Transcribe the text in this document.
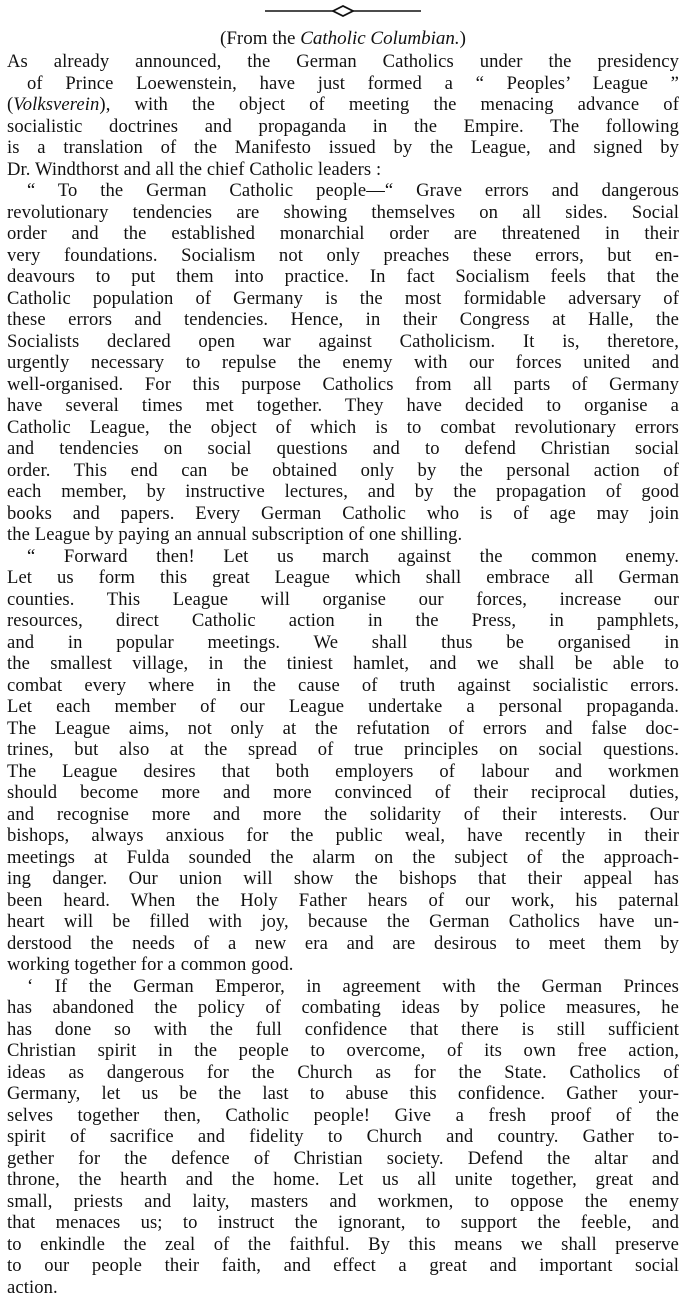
(From the Catholic Columbian.)
As already announced, the German Catholics under the presidency
of Prince Loewenstein, have just formed a “ Peoples’ League ”
(Volksverein), with the object of meeting the menacing advance of
socialistic doctrines and propaganda in the Empire. The following
is a translation of the Manifesto issued by the League, and signed by
Dr. Windthorst and all the chief Catholic leaders :
“ To the German Catholic people—“ Grave errors and dangerous
revolutionary tendencies are showing themselves on all sides. Social
order and the established monarchial order are threatened in their
very foundations. Socialism not only preaches these errors, but en-
deavours to put them into practice. In fact Socialism feels that the
Catholic population of Germany is the most formidable adversary of
these errors and tendencies. Hence, in their Congress at Halle, the
Socialists declared open war against Catholicism. It is, theretore,
urgently necessary to repulse the enemy with our forces united and
well-organised. For this purpose Catholics from all parts of Germany
have several times met together. They have decided to organise a
Catholic League, the object of which is to combat revolutionary errors
and tendencies on social questions and to defend Christian social
order. This end can be obtained only by the personal action of
each member, by instructive lectures, and by the propagation of good
books and papers. Every German Catholic who is of age may join
the League by paying an annual subscription of one shilling.
“ Forward then! Let us march against the common enemy.
Let us form this great League which shall embrace all German
counties. This League will organise our forces, increase our
resources, direct Catholic action in the Press, in pamphlets,
and in popular meetings. We shall thus be organised in
the smallest village, in the tiniest hamlet, and we shall be able to
combat every where in the cause of truth against socialistic errors.
Let each member of our League undertake a personal propaganda.
The League aims, not only at the refutation of errors and false doc-
trines, but also at the spread of true principles on social questions.
The League desires that both employers of labour and workmen
should become more and more convinced of their reciprocal duties,
and recognise more and more the solidarity of their interests. Our
bishops, always anxious for the public weal, have recently in their
meetings at Fulda sounded the alarm on the subject of the approach-
ing danger. Our union will show the bishops that their appeal has
been heard. When the Holy Father hears of our work, his paternal
heart will be filled with joy, because the German Catholics have un-
derstood the needs of a new era and are desirous to meet them by
working together for a common good.
‘ If the German Emperor, in agreement with the German Princes
has abandoned the policy of combating ideas by police measures, he
has done so with the full confidence that there is still sufficient
Christian spirit in the people to overcome, of its own free action,
ideas as dangerous for the Church as for the State. Catholics of
Germany, let us be the last to abuse this confidence. Gather your-
selves together then, Catholic people! Give a fresh proof of the
spirit of sacrifice and fidelity to Church and country. Gather to-
gether for the defence of Christian society. Defend the altar and
throne, the hearth and the home. Let us all unite together, great and
small, priests and laity, masters and workmen, to oppose the enemy
that menaces us; to instruct the ignorant, to support the feeble, and
to enkindle the zeal of the faithful. By this means we shall preserve
to our people their faith, and effect a great and important social
action.
